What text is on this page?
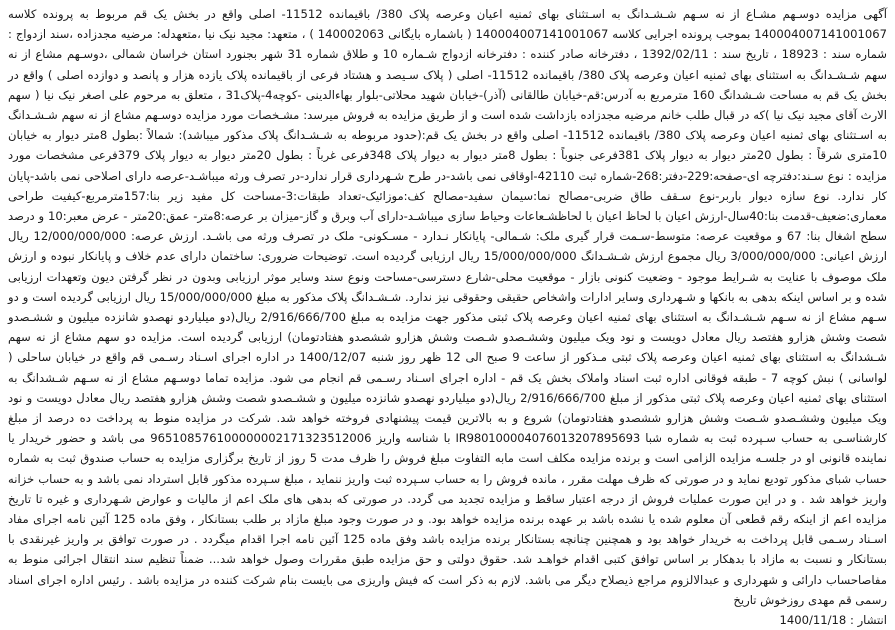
آگهی مزایده دوسـهم مشـاع از نه سـهم شـشـدانگ به اسـتثنای بهای ثمنیه اعیان وعرصه پلاک 380/ باقیمانده 11512- اصلی واقع در بخش یک قم مربوط به پرونده کلاسه 140004007141001067 بموجب پرونده اجرایی کلاسه 140004007141001067 ( باشماره بایگانی 140002063 ) ، متعهد: مجید نیک نیا ،متعهدله: مرضیه مجدزاده ،سند ازدواج : شماره سند : 18923 ، تاریخ سند : 1392/02/11 ، دفترخانه صادر کننده : دفترخانه ازدواج شـماره 10 و طلاق شماره 31 شهر بجنورد استان خراسان شمالی ،دوسـهم مشاع از نه سهم شـشـدانگ به استثنای بهای ثمنیه اعیان وعرصه پلاک 380/ باقیمانده 11512- اصلی ( پلاک سـیصد و هشتاد فرعی از باقیمانده پلاک یازده هزار و پانصد و دوازده اصلی ) واقع در بخش یک قم به مساحت شـشدانگ 160 مترمربع به آدرس:قم-خیابان طالقانی (آذر)-خیابان شهید محلاتی-بلوار بهاءالدینی -کوچه4-پلاک31 ، متعلق به مرحوم علی اصغر نیک نیا ( سهم الارث آقای مجید نیک نیا )که در قبال طلب خانم مرضیه مجدزاده بازداشت شده است و از طریق مزایده به فروش میرسد: مشـخصات مورد مزایده دوسـهم مشاع از نه سهم شـشـدانگ به اسـتثنای بهای ثمنیه اعیان وعرصه پلاک 380/ باقیمانده 11512- اصلی واقع در بخش یک قم:(حدود مربوطه به شـشـدانگ پلاک مذکور میباشد): شمالاً :بطول 8متر دیوار به خیابان 10متری شرقاً : بطول 20متر دیوار به دیوار پلاک 381فرعی جنوباً : بطول 8متر دیوار به دیوار پلاک 348فرعی غرباً : بطول 20متر دیوار به دیوار پلاک 379فرعی مشخصات مورد مزایده : نوع سـند:دفترچه ای-صفحه:229-دفتر:268-شماره ثبت 42110-اوقافی نمی باشد-در طرح شـهرداری قرار ندارد-در تصرف ورثه میباشـد-عرصه دارای اصلاحی نمی باشد-پایان کار ندارد. نوع سازه دیوار باربر-نوع سـقف طاق ضربی-مصالح نما:سیمان سفید-مصالح کف:موزائیک-تعداد طبقات:3-مساحت کل مفید زیر بنا:157مترمربع-کیفیت طراحی معماری:ضعیف-قدمت بنا:40سال-ارزش اعیان با لحاظ اعیان با لحاظشـعاعات وحیاط سازی میباشـد-دارای آب وبرق و گاز-میزان بر عرصه:8متر- عمق:20متر - عرض معبر:10 و درصد سطح اشغال بنا: 67 و موقعیت عرصه: متوسط-سـمت قرار گیری ملک: شـمالی- پایانکار نـدارد - مسـکونی- ملک در تصرف ورثه می باشـد. ارزش عرصه: 12/000/000/000 ریال ارزش اعیانی: 3/000/000/000 ریال مجموع ارزش شـشـدانگ 15/000/000/000 ریال ارزیابی گردیده است. توضیحات ضروری: ساختمان دارای عدم خلاف و پایانکار نبوده و ارزش ملک موصوف با عنایت به شـرایط موجود - وضعیت کنونی بازار - موقعیت محلی-شارع دسترسی-مساحت ونوع سند وسایر موثر ارزیابی وبدون در نظر گرفتن دیون وتعهدات ارزیابی شده و بر اساس اینکه بدهی به بانکها و شـهرداری وسایر ادارات واشخاص حقیقی وحقوقی نیز ندارد. شـشـدانگ پلاک مذکور به مبلغ 15/000/000/000 ریال ارزیابی گردیده است و دو سـهم مشاع از نه سـهم شـشـدانگ به استثنای بهای ثمنیه اعیان وعرصه پلاک ثبتی مذکور جهت مزایده به مبلغ 2/916/666/700 ریال(دو میلیاردو نهصدو شانزده میلیون و ششـصدو شصت وشش هزارو هفتصد ریال معادل دویست و نود ویک میلیون وششـصدو شـصت وشش هزارو ششصدو هفتادتومان) ارزیابی گردیده است. مزایده دو سهم مشاع از نه سهم شـشدانگ به استثنای بهای ثمنیه اعیان وعرصه پلاک ثبتی مـذکور از ساعت 9 صبح الی 12 ظهر روز شنبه 1400/12/07 در اداره اجرای اسـناد رسـمی قم واقع در خیابان ساحلی ( لواسانی ) نبش کوچه 7 - طبقه فوقانی اداره ثبت اسناد واملاک بخش یک قم - اداره اجرای اسـناد رسـمی قم انجام می شود. مزایده تماما دوسـهم مشاع از نه سـهم شـشدانگ به استثنای بهای ثمنیه اعیان وعرصه پلاک ثبتی مذکور از مبلغ 2/916/666/700 ریال(دو میلیاردو نهصدو شانزده میلیون و ششـصدو شصت وشش هزارو هفتصد ریال معادل دویست و نود ویک میلیون وششـصدو شـصت وشش هزارو ششصدو هفتادتومان) شروع و به بالاترین قیمت پیشنهادی فروخته خواهد شد. شرکت در مزایده منوط به پرداخت ده درصد از مبلغ کارشناسـی به حساب سـپرده ثبت به شماره شبا IR980100004076013207895693 با شناسه واریز 965108576100000002171323512006 می باشد و حضور خریدار یا نماینده قانونی او در جلسـه مزایده الزامی است و برنده مزایده مکلف است مابه التفاوت مبلغ فروش را ظرف مدت 5 روز از تاریخ برگزاری مزایده به حساب صندوق ثبت به شماره حساب شبای مذکور تودیع نماید و در صورتی که ظرف مهلت مقرر ، مانده فروش را به حساب سـپرده ثبت واریز ننماید ، مبلغ سـپرده مذکور قابل استرداد نمی باشد و به حساب خزانه واریز خواهد شد . و در این صورت عملیات فروش از درجه اعتبار ساقط و مزایده تجدید می گردد. در صورتی که بدهی های ملک اعم از مالیات و عوارض شـهرداری و غیره تا تاریخ مزایده اعم از اینکه رقم قطعی آن معلوم شده یا نشده باشد بر عهده برنده مزایده خواهد بود. و در صورت وجود مبلغ مازاد بر طلب بستانکار ، وفق ماده 125 آئین نامه اجرای مفاد اسـناد رسـمی قابل پرداخت به خریدار خواهد بود و همچنین چنانچه بستانکار برنده مزایده باشد وفق ماده 125 آئین نامه اجرا اقدام میگردد . در صورت توافق بر واریز غیرنقدی با بستانکار و نسبت به مازاد با بدهکار بر اساس توافق کتبی اقدام خواهـد شد. حقوق دولتی و حق مزایده طبق مقررات وصول خواهد شد... ضمناً تنظیم سند انتقال اجرائی منوط به مفاصاحساب دارائی و شهرداری و عبدالالزوم مراجع ذیصلاح دیگر می باشد. لازم به ذکر است که فیش واریزی می بایست بنام شرکت کننده در مزایده باشد . رئیس اداره اجرای اسناد رسمی قم مهدی روزخوش تاریخ

انتشار : 1400/11/18
